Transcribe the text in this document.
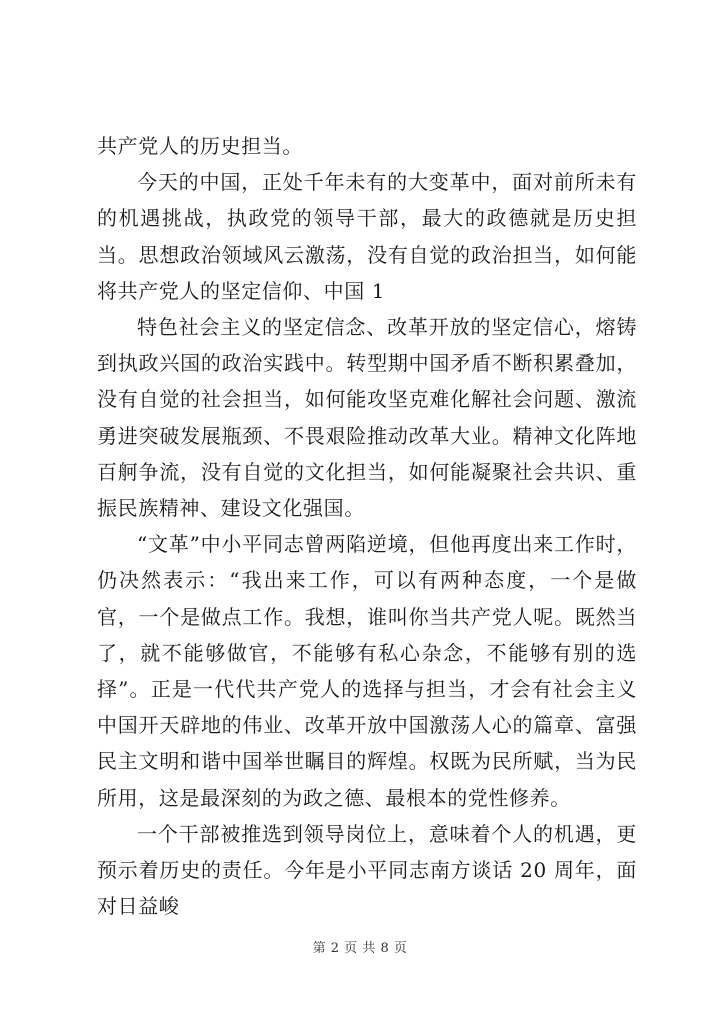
共产党人的历史担当。

今天的中国，正处千年未有的大变革中，面对前所未有的机遇挑战，执政党的领导干部，最大的政德就是历史担当。思想政治领域风云激荡，没有自觉的政治担当，如何能将共产党人的坚定信仰、中国 1

特色社会主义的坚定信念、改革开放的坚定信心，熔铸到执政兴国的政治实践中。转型期中国矛盾不断积累叠加，没有自觉的社会担当，如何能攻坚克难化解社会问题、激流勇进突破发展瓶颈、不畏艰险推动改革大业。精神文化阵地百舸争流，没有自觉的文化担当，如何能凝聚社会共识、重振民族精神、建设文化强国。

“文革”中小平同志曾两陷逆境，但他再度出来工作时，仍决然表示：“我出来工作，可以有两种态度，一个是做官，一个是做点工作。我想，谁叫你当共产党人呢。既然当了，就不能够做官，不能够有私心杂念，不能够有别的选择”。正是一代代共产党人的选择与担当，才会有社会主义中国开天辟地的伟业、改革开放中国激荡人心的篇章、富强民主文明和谐中国举世瞩目的辉煌。权既为民所赋，当为民所用，这是最深刻的为政之德、最根本的党性修养。

一个干部被推选到领导岗位上，意味着个人的机遇，更预示着历史的责任。今年是小平同志南方谈话 20 周年，面对日益峻

第 2 页 共 8 页
